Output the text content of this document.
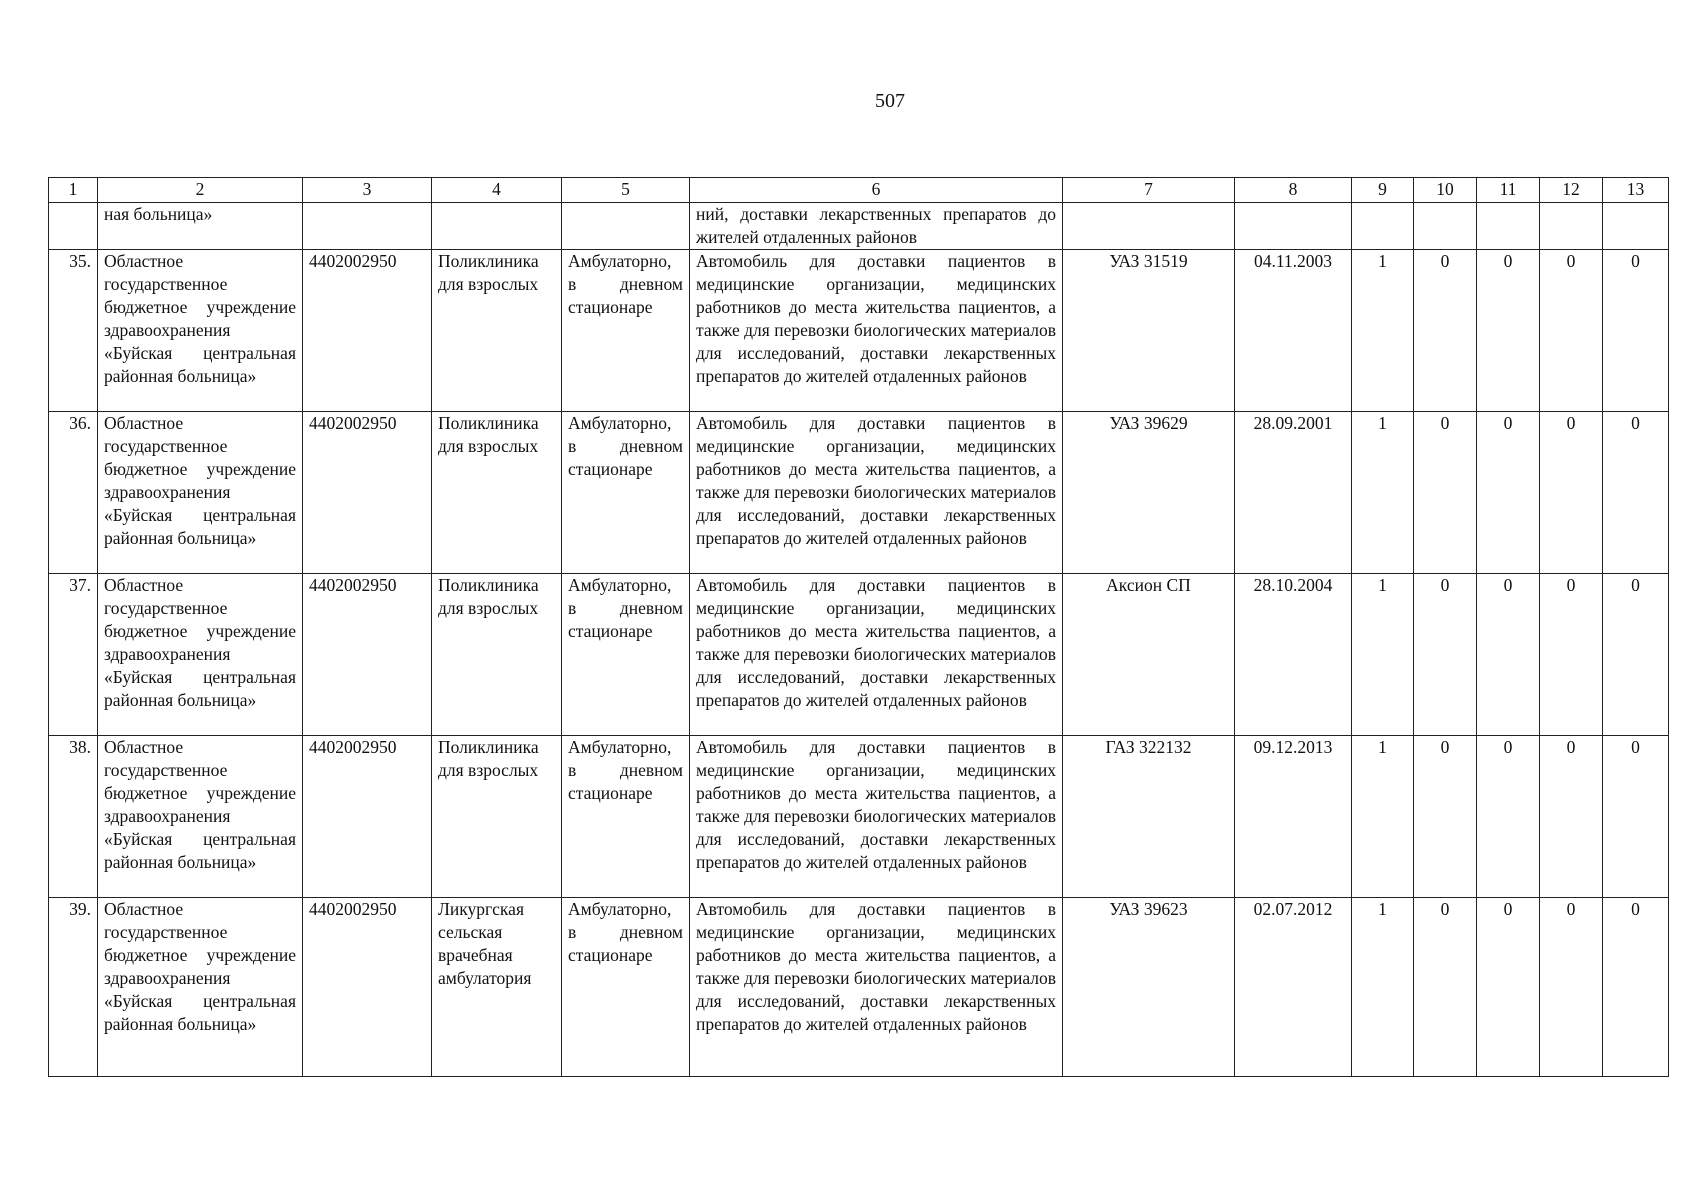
507
1	2	3	4	5	6	7	8	9	10	11	12	13
	ная больница»				ний, доставки лекарственных препаратов до жителей отдаленных районов							
35.	Областное государственное бюджетное учреждение здравоохранения «Буйская центральная районная больница»	4402002950	Поликлиника для взрослых	Амбулаторно, в дневном стационаре	Автомобиль для доставки пациентов в медицинские организации, медицинских работников до места жительства пациентов, а также для перевозки биологических материалов для исследований, доставки лекарственных препаратов до жителей отдаленных районов	УАЗ 31519	04.11.2003	1	0	0	0	0
36.	Областное государственное бюджетное учреждение здравоохранения «Буйская центральная районная больница»	4402002950	Поликлиника для взрослых	Амбулаторно, в дневном стационаре	Автомобиль для доставки пациентов в медицинские организации, медицинских работников до места жительства пациентов, а также для перевозки биологических материалов для исследований, доставки лекарственных препаратов до жителей отдаленных районов	УАЗ 39629	28.09.2001	1	0	0	0	0
37.	Областное государственное бюджетное учреждение здравоохранения «Буйская центральная районная больница»	4402002950	Поликлиника для взрослых	Амбулаторно, в дневном стационаре	Автомобиль для доставки пациентов в медицинские организации, медицинских работников до места жительства пациентов, а также для перевозки биологических материалов для исследований, доставки лекарственных препаратов до жителей отдаленных районов	Аксион СП	28.10.2004	1	0	0	0	0
38.	Областное государственное бюджетное учреждение здравоохранения «Буйская центральная районная больница»	4402002950	Поликлиника для взрослых	Амбулаторно, в дневном стационаре	Автомобиль для доставки пациентов в медицинские организации, медицинских работников до места жительства пациентов, а также для перевозки биологических материалов для исследований, доставки лекарственных препаратов до жителей отдаленных районов	ГАЗ 322132	09.12.2013	1	0	0	0	0
39.	Областное государственное бюджетное учреждение здравоохранения «Буйская центральная районная больница»	4402002950	Ликургская сельская врачебная амбулатория	Амбулаторно, в дневном стационаре	Автомобиль для доставки пациентов в медицинские организации, медицинских работников до места жительства пациентов, а также для перевозки биологических материалов для исследований, доставки лекарственных препаратов до жителей отдаленных районов	УАЗ 39623	02.07.2012	1	0	0	0	0
